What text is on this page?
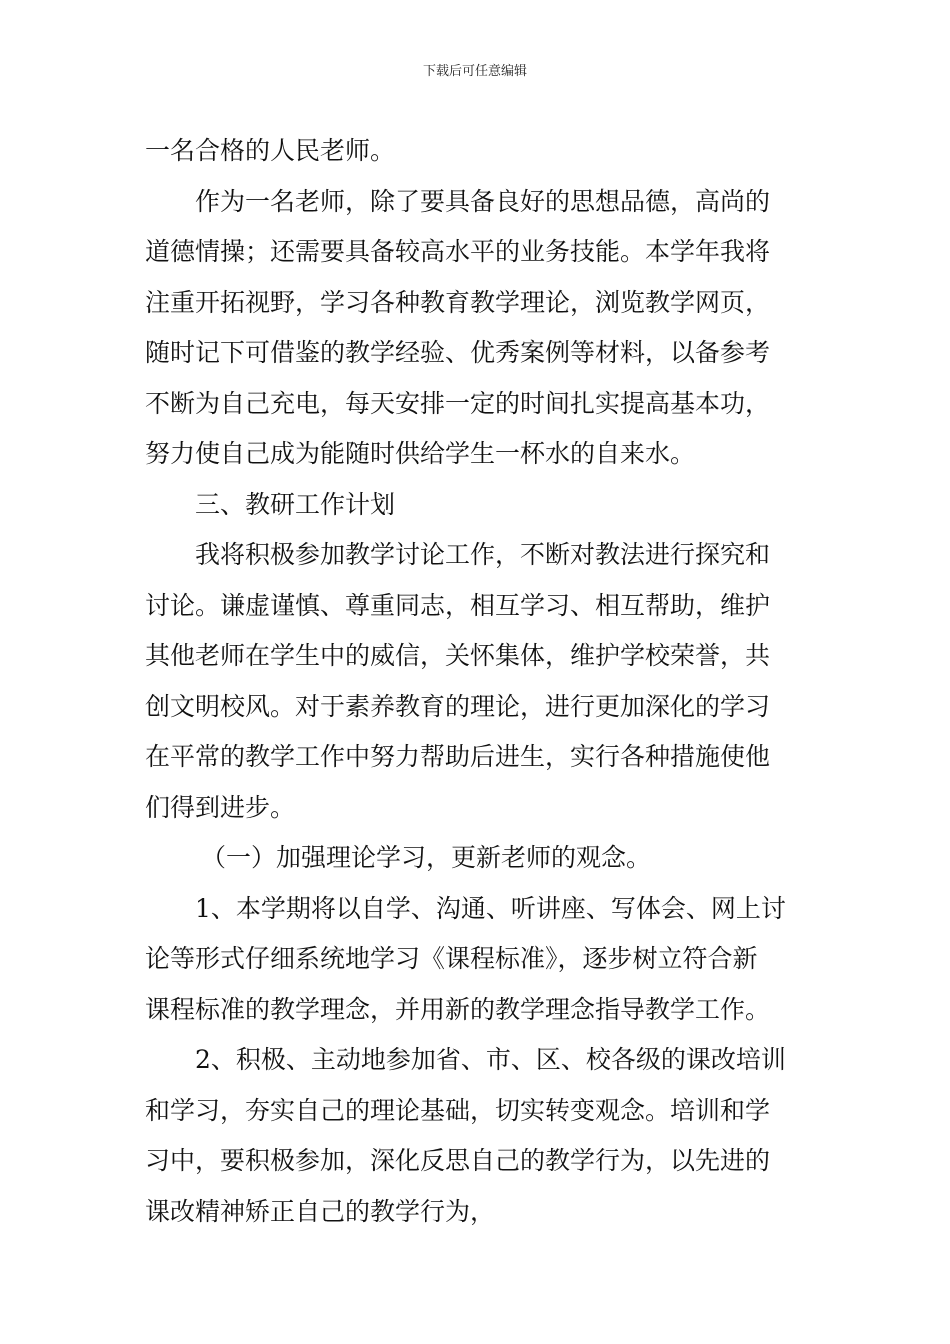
下载后可任意编辑
一名合格的人民老师。
作为一名老师，除了要具备良好的思想品德，高尚的
道德情操；还需要具备较高水平的业务技能。本学年我将
注重开拓视野，学习各种教育教学理论，浏览教学网页，
随时记下可借鉴的教学经验、优秀案例等材料，以备参考
不断为自己充电，每天安排一定的时间扎实提高基本功，
努力使自己成为能随时供给学生一杯水的自来水。
三、教研工作计划
我将积极参加教学讨论工作，不断对教法进行探究和
讨论。谦虚谨慎、尊重同志，相互学习、相互帮助，维护
其他老师在学生中的威信，关怀集体，维护学校荣誉，共
创文明校风。对于素养教育的理论，进行更加深化的学习
在平常的教学工作中努力帮助后进生，实行各种措施使他
们得到进步。
（一）加强理论学习，更新老师的观念。
1、本学期将以自学、沟通、听讲座、写体会、网上讨
论等形式仔细系统地学习《课程标准》，逐步树立符合新
课程标准的教学理念，并用新的教学理念指导教学工作。
2、积极、主动地参加省、市、区、校各级的课改培训
和学习，夯实自己的理论基础，切实转变观念。培训和学
习中，要积极参加，深化反思自己的教学行为，以先进的
课改精神矫正自己的教学行为，
